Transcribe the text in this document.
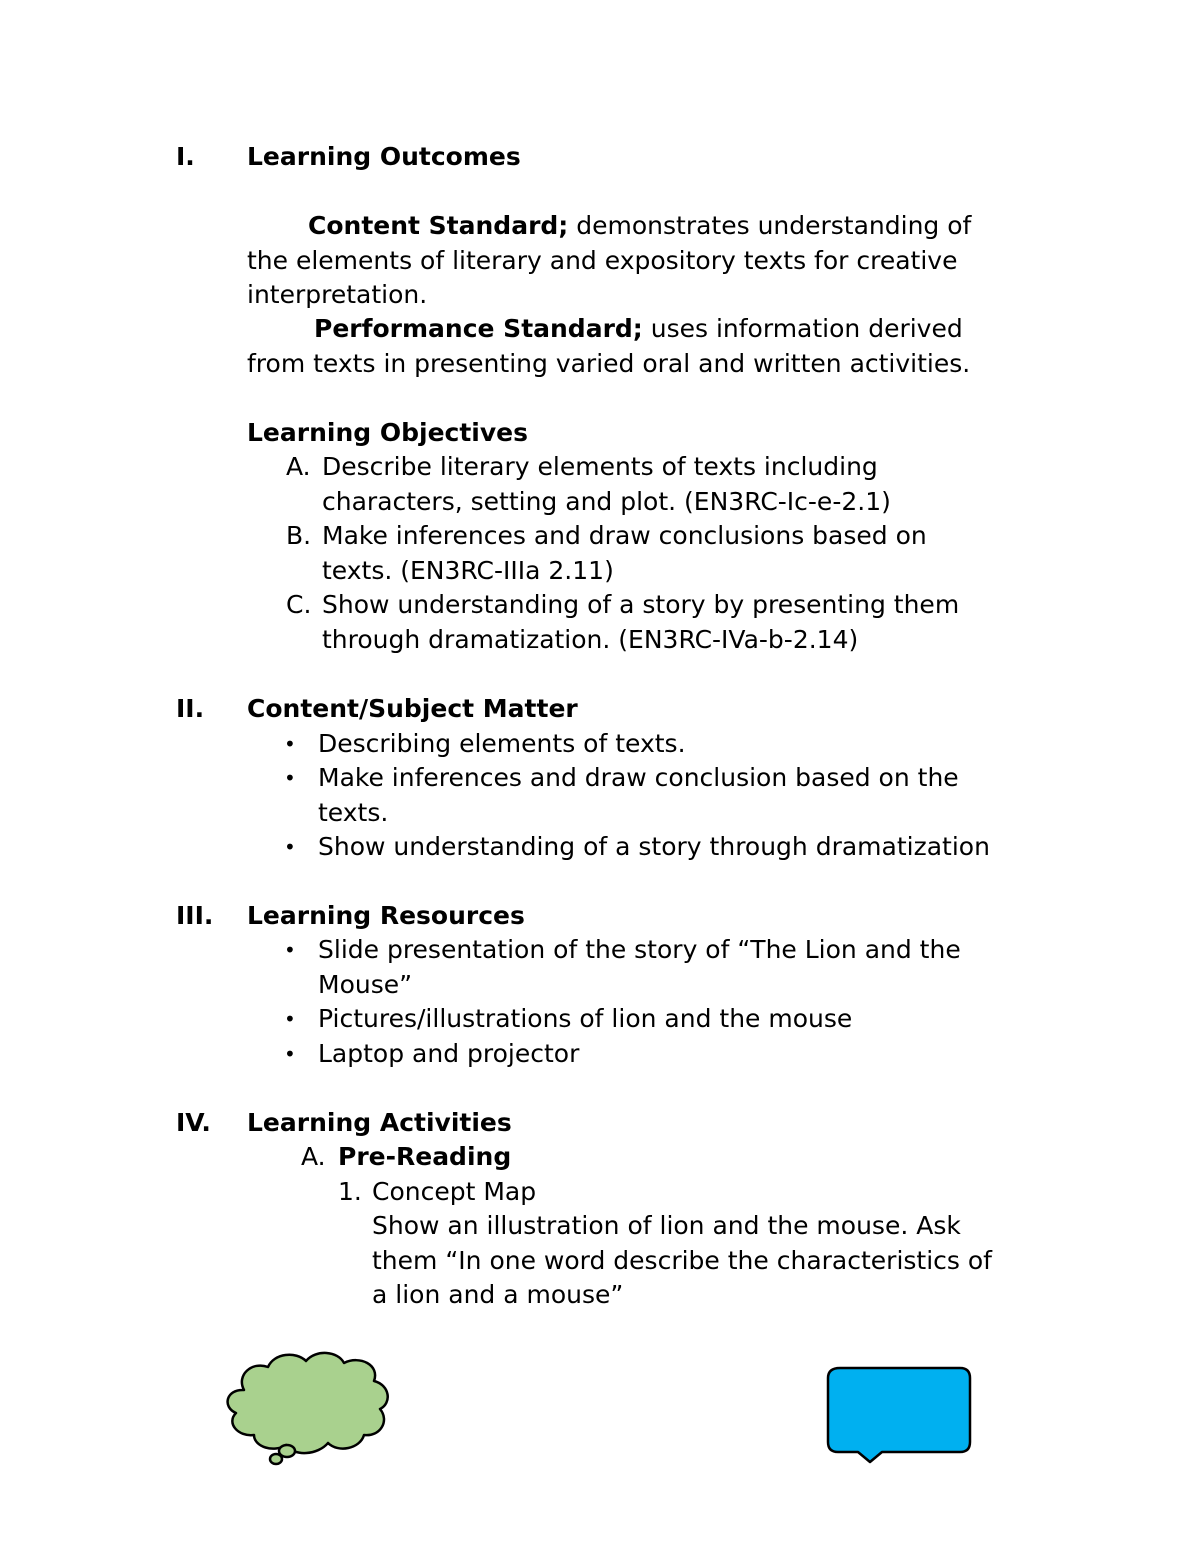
I. Learning Outcomes
Content Standard; demonstrates understanding of
the elements of literary and expository texts for creative
interpretation.
Performance Standard; uses information derived
from texts in presenting varied oral and written activities.
Learning Objectives
A. Describe literary elements of texts including
characters, setting and plot. (EN3RC-Ic-e-2.1)
B. Make inferences and draw conclusions based on
texts. (EN3RC-IIIa 2.11)
C. Show understanding of a story by presenting them
through dramatization. (EN3RC-IVa-b-2.14)
II. Content/Subject Matter
• Describing elements of texts.
• Make inferences and draw conclusion based on the
texts.
• Show understanding of a story through dramatization
III. Learning Resources
• Slide presentation of the story of “The Lion and the
Mouse”
• Pictures/illustrations of lion and the mouse
• Laptop and projector
IV. Learning Activities
A. Pre-Reading
1. Concept Map
Show an illustration of lion and the mouse. Ask
them “In one word describe the characteristics of
a lion and a mouse”
